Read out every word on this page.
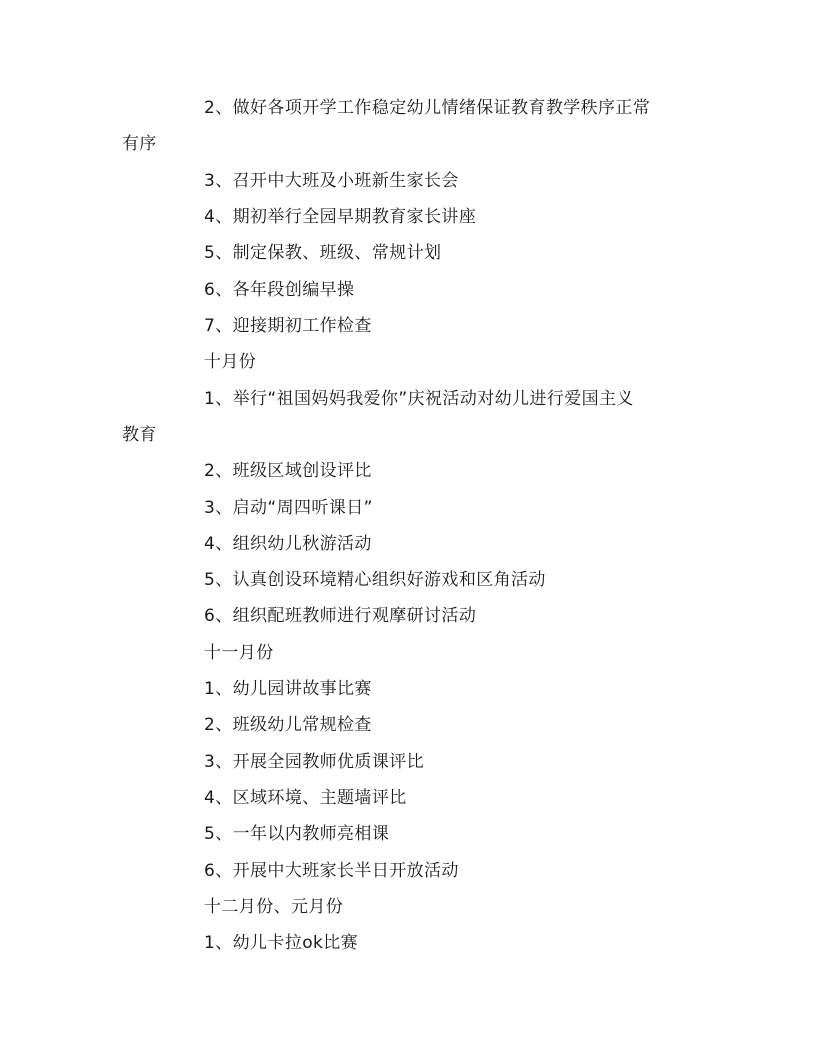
2、做好各项开学工作稳定幼儿情绪保证教育教学秩序正常
有序
3、召开中大班及小班新生家长会
4、期初举行全园早期教育家长讲座
5、制定保教、班级、常规计划
6、各年段创编早操
7、迎接期初工作检查
十月份
1、举行“祖国妈妈我爱你”庆祝活动对幼儿进行爱国主义
教育
2、班级区域创设评比
3、启动“周四听课日”
4、组织幼儿秋游活动
5、认真创设环境精心组织好游戏和区角活动
6、组织配班教师进行观摩研讨活动
十一月份
1、幼儿园讲故事比赛
2、班级幼儿常规检查
3、开展全园教师优质课评比
4、区域环境、主题墙评比
5、一年以内教师亮相课
6、开展中大班家长半日开放活动
十二月份、元月份
1、幼儿卡拉ok比赛
